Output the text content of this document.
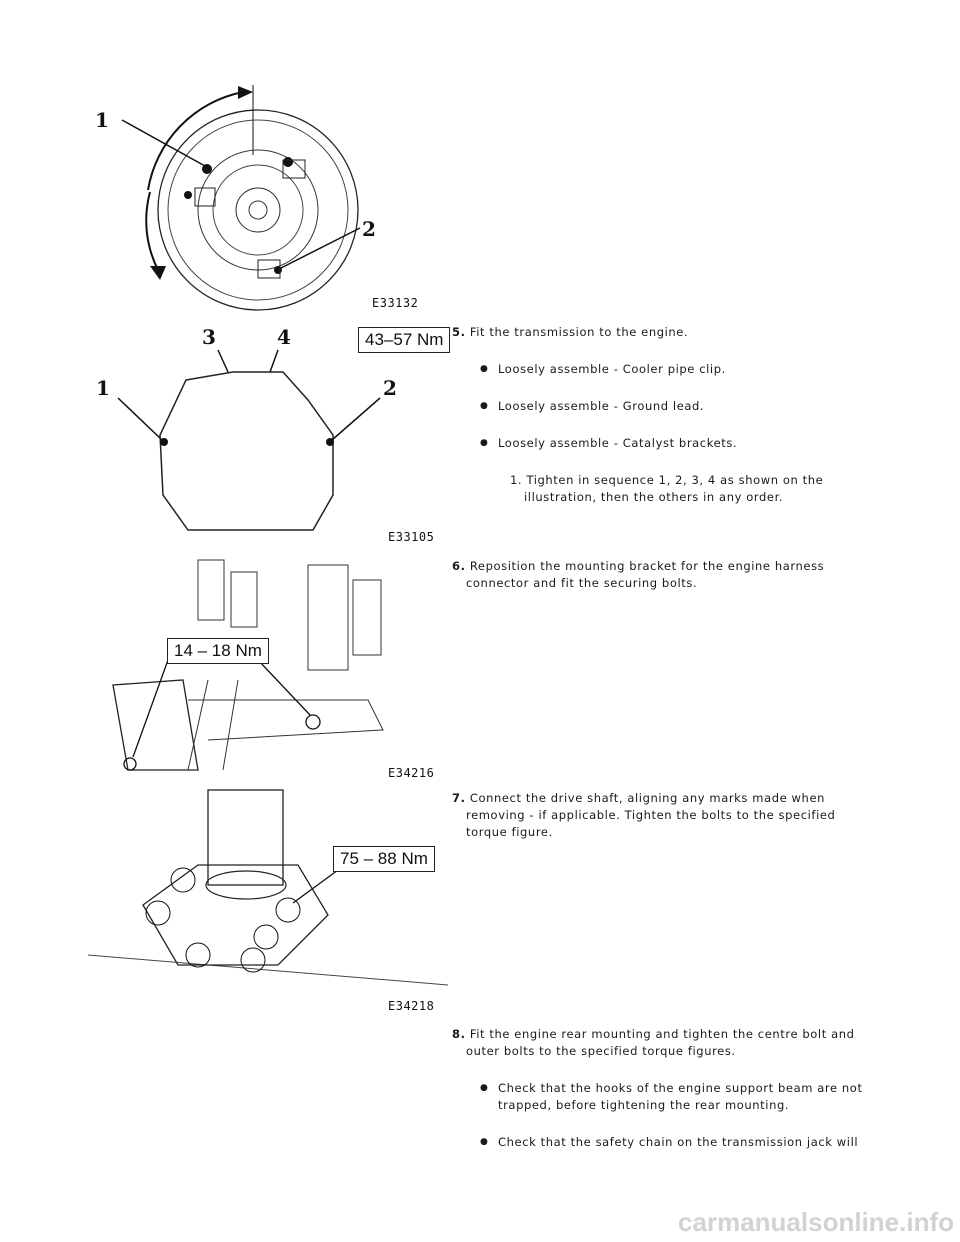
1
2
E33132
1	2
3	4	43–57 Nm
E33105
14 – 18 Nm
E34216
75 – 88 Nm
E34218
5. Fit the transmission to the engine.
● Loosely assemble - Cooler pipe clip.
● Loosely assemble - Ground lead.
● Loosely assemble - Catalyst brackets.
1. Tighten in sequence 1, 2, 3, 4 as shown on the
illustration, then the others in any order.
6. Reposition the mounting bracket for the engine harness
connector and fit the securing bolts.
7. Connect the drive shaft, aligning any marks made when
removing - if applicable. Tighten the bolts to the specified
torque figure.
8. Fit the engine rear mounting and tighten the centre bolt and
outer bolts to the specified torque figures.
● Check that the hooks of the engine support beam are not
trapped, before tightening the rear mounting.
● Check that the safety chain on the transmission jack will
carmanualsonline.info
